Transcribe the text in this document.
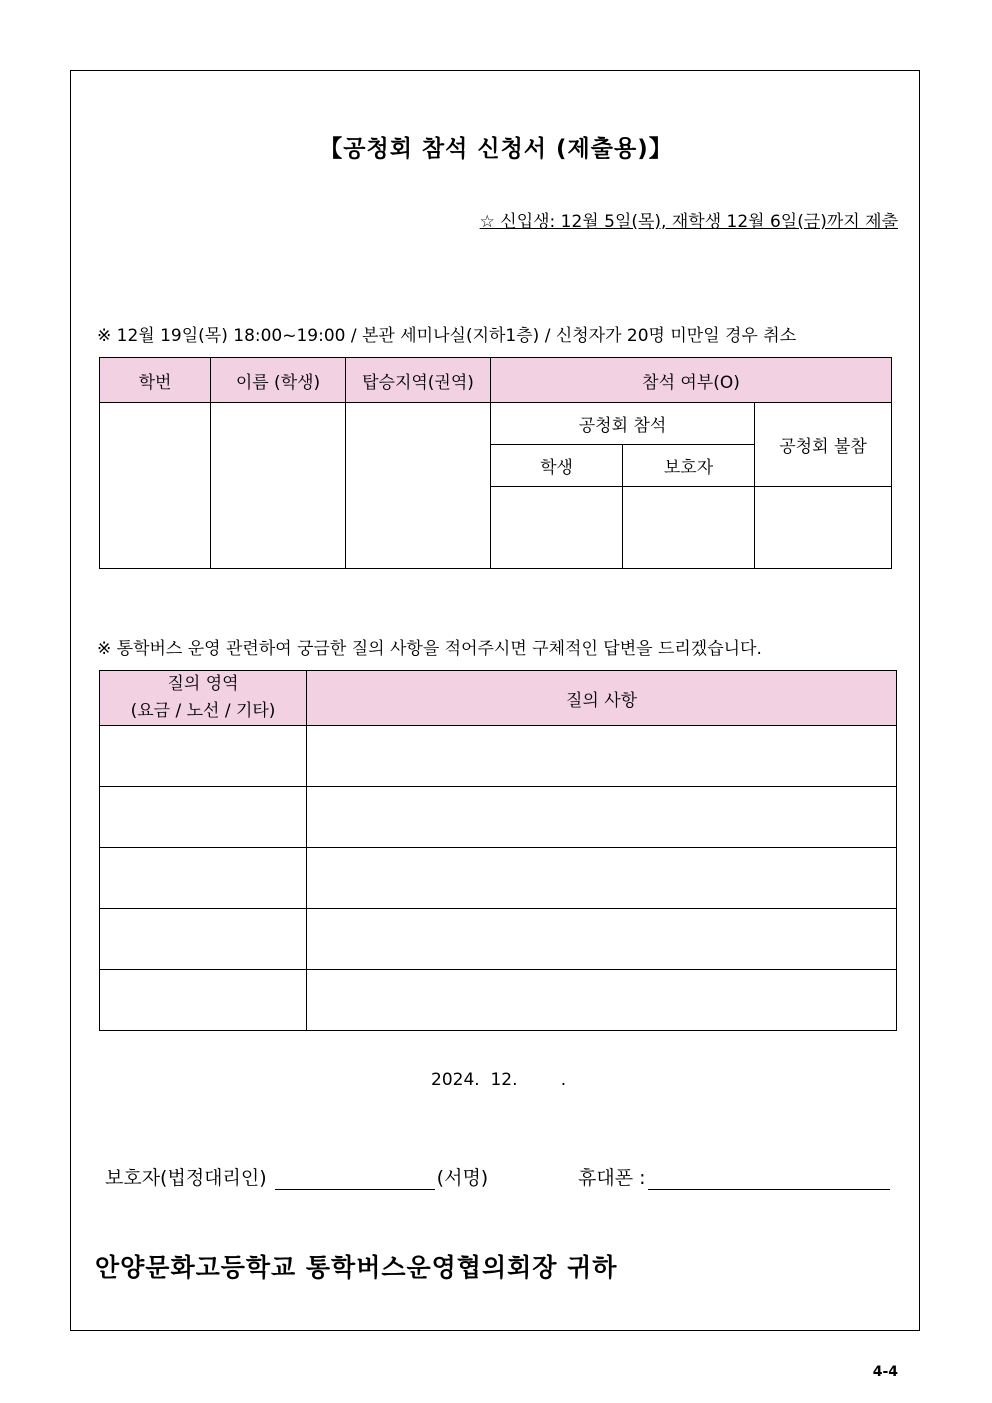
【공청회 참석 신청서 (제출용)】
☆ 신입생: 12월 5일(목), 재학생 12월 6일(금)까지 제출
※ 12월 19일(목) 18:00~19:00 / 본관 세미나실(지하1층) / 신청자가 20명 미만일 경우 취소
학번	이름 (학생)	탑승지역(권역)	참석 여부(O)		
			공청회 참석		공청회 불참
			학생	보호자	

※ 통학버스 운영 관련하여 궁금한 질의 사항을 적어주시면 구체적인 답변을 드리겠습니다.
질의 영역
(요금 / 노선 / 기타)	질의 사항

2024.  12.        .
보호자(법정대리인)	(서명)	휴대폰 :
안양문화고등학교 통학버스운영협의회장 귀하
4-4
